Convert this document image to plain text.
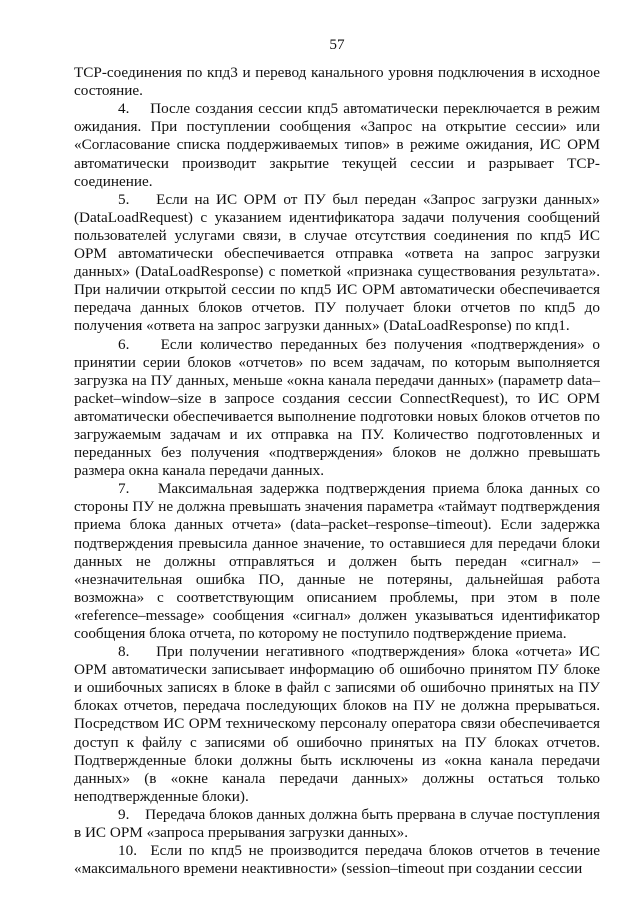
57

TCP-соединения по кпд3 и перевод канального уровня подключения в исходное состояние.

4.    После создания сессии кпд5 автоматически переключается в режим ожидания. При поступлении сообщения «Запрос на открытие сессии» или «Согласование списка поддерживаемых типов» в режиме ожидания, ИС ОРМ автоматически производит закрытие текущей сессии и разрывает TCP-соединение.

5.    Если на ИС ОРМ от ПУ был передан «Запрос загрузки данных» (DataLoadRequest) с указанием идентификатора задачи получения сообщений пользователей услугами связи, в случае отсутствия соединения по кпд5 ИС ОРМ автоматически обеспечивается отправка «ответа на запрос загрузки данных» (DataLoadResponse) с пометкой «признака существования результата». При наличии открытой сессии по кпд5 ИС ОРМ автоматически обеспечивается передача данных блоков отчетов. ПУ получает блоки отчетов по кпд5 до получения «ответа на запрос загрузки данных» (DataLoadResponse) по кпд1.

6.    Если количество переданных без получения «подтверждения» о принятии серии блоков «отчетов» по всем задачам, по которым выполняется загрузка на ПУ данных, меньше «окна канала передачи данных» (параметр data–packet–window–size в запросе создания сессии ConnectRequest), то ИС ОРМ автоматически обеспечивается выполнение подготовки новых блоков отчетов по загружаемым задачам и их отправка на ПУ. Количество подготовленных и переданных без получения «подтверждения» блоков не должно превышать размера окна канала передачи данных.

7.    Максимальная задержка подтверждения приема блока данных со стороны ПУ не должна превышать значения параметра «таймаут подтверждения приема блока данных отчета» (data–packet–response–timeout). Если задержка подтверждения превысила данное значение, то оставшиеся для передачи блоки данных не должны отправляться и должен быть передан «сигнал» – «незначительная ошибка ПО, данные не потеряны, дальнейшая работа возможна» с соответствующим описанием проблемы, при этом в поле «reference–message» сообщения «сигнал» должен указываться идентификатор сообщения блока отчета, по которому не поступило подтверждение приема.

8.    При получении негативного «подтверждения» блока «отчета» ИС ОРМ автоматически записывает информацию об ошибочно принятом ПУ блоке и ошибочных записях в блоке в файл с записями об ошибочно принятых на ПУ блоках отчетов, передача последующих блоков на ПУ не должна прерываться. Посредством ИС ОРМ техническому персоналу оператора связи обеспечивается доступ к файлу с записями об ошибочно принятых на ПУ блоках отчетов. Подтвержденные блоки должны быть исключены из «окна канала передачи данных» (в «окне канала передачи данных» должны остаться только неподтвержденные блоки).

9.    Передача блоков данных должна быть прервана в случае поступления в ИС ОРМ «запроса прерывания загрузки данных».

10.  Если по кпд5 не производится передача блоков отчетов в течение «максимального времени неактивности» (session–timeout при создании сессии
